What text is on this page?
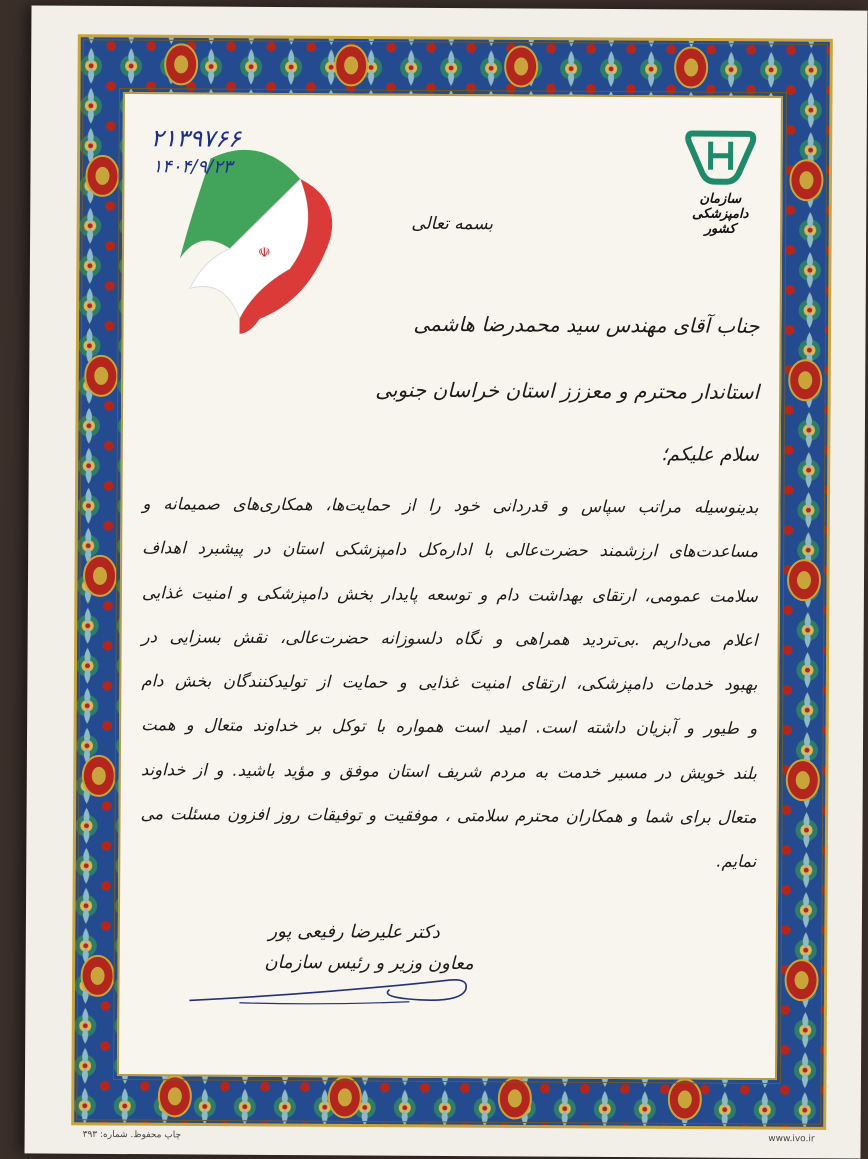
سازمان دامپزشکی کشور
☫
۲۱۳۹۷۶۶
۱۴۰۴/۹/۲۳
بسمه تعالی
جناب آقای مهندس سید محمدرضا هاشمی
استاندار محترم و معززز استان خراسان جنوبی
سلام علیکم؛
بدینوسیله مراتب سپاس و قدردانی خود را از حمایت‌ها، همکاری‌های صمیمانه و
مساعدت‌های ارزشمند حضرت‌عالی با اداره‌کل دامپزشکی استان در پیشبرد اهداف
سلامت عمومی، ارتقای بهداشت دام و توسعه پایدار بخش دامپزشکی و امنیت غذایی
اعلام می‌داریم .بی‌تردید همراهی و نگاه دلسوزانه حضرت‌عالی، نقش بسزایی در
بهبود خدمات دامپزشکی، ارتقای امنیت غذایی و حمایت از تولیدکنندگان بخش دام
و طیور و آبزیان داشته است. امید است همواره با توکل بر خداوند متعال و همت
بلند خویش در مسیر خدمت به مردم شریف استان موفق و مؤید باشید. و از خداوند
متعال برای شما و همکاران محترم سلامتی ، موفقیت و توفیقات روز افزون مسئلت می
نمایم.
دکتر علیرضا رفیعی پور
معاون وزیر و رئیس سازمان
چاپ محفوظ. شماره: ۳۹۳	www.ivo.ir
